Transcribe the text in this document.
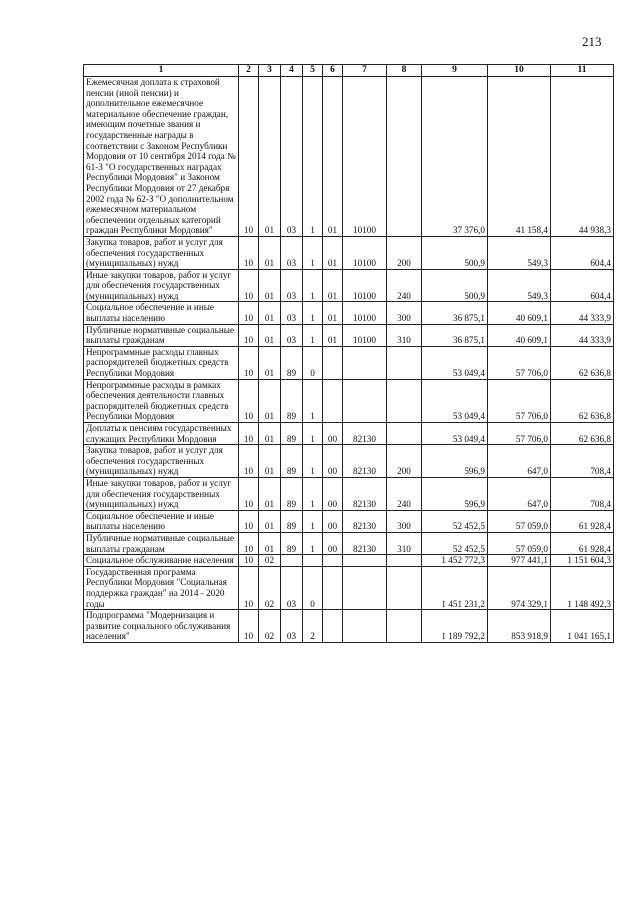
213
1	2	3	4	5	6	7	8	9	10	11
Ежемесячная доплата к страховой пенсии (иной пенсии) и дополнительное ежемесячное материальное обеспечение граждан, имеющим почетные звания и государственные награды в соответствии с Законом Республики Мордовия от 10 сентября 2014 года № 61-З "О государственных наградах Республики Мордовия" и Законом Республики Мордовия от 27 декабря 2002 года № 62-З "О дополнительном ежемесячном материальном обеспечении отдельных категорий граждан Республики Мордовия"	10	01	03	1	01	10100		37 376,0	41 158,4	44 938,3
Закупка товаров, работ и услуг для обеспечения государственных (муниципальных) нужд	10	01	03	1	01	10100	200	500,9	549,3	604,4
Иные закупки товаров, работ и услуг для обеспечения государственных (муниципальных) нужд	10	01	03	1	01	10100	240	500,9	549,3	604,4
Социальное обеспечение и иные выплаты населению	10	01	03	1	01	10100	300	36 875,1	40 609,1	44 333,9
Публичные нормативные социальные выплаты гражданам	10	01	03	1	01	10100	310	36 875,1	40 609,1	44 333,9
Непрограммные расходы главных распорядителей бюджетных средств Республики Мордовия	10	01	89	0				53 049,4	57 706,0	62 636,8
Непрограммные расходы в рамках обеспечения деятельности главных распорядителей бюджетных средств Республики Мордовия	10	01	89	1				53 049,4	57 706,0	62 636,8
Доплаты к пенсиям государственных служащих Республики Мордовия	10	01	89	1	00	82130		53 049,4	57 706,0	62 636,8
Закупка товаров, работ и услуг для обеспечения государственных (муниципальных) нужд	10	01	89	1	00	82130	200	596,9	647,0	708,4
Иные закупки товаров, работ и услуг для обеспечения государственных (муниципальных) нужд	10	01	89	1	00	82130	240	596,9	647,0	708,4
Социальное обеспечение и иные выплаты населению	10	01	89	1	00	82130	300	52 452,5	57 059,0	61 928,4
Публичные нормативные социальные выплаты гражданам	10	01	89	1	00	82130	310	52 452,5	57 059,0	61 928,4
Социальное обслуживание населения	10	02						1 452 772,3	977 441,1	1 151 604,3
Государственная программа Республики Мордовия "Социальная поддержка граждан" на 2014 - 2020 годы	10	02	03	0				1 451 231,2	974 329,1	1 148 492,3
Подпрограмма "Модернизация и развитие социального обслуживания населения"	10	02	03	2				1 189 792,2	853 918,9	1 041 165,1
